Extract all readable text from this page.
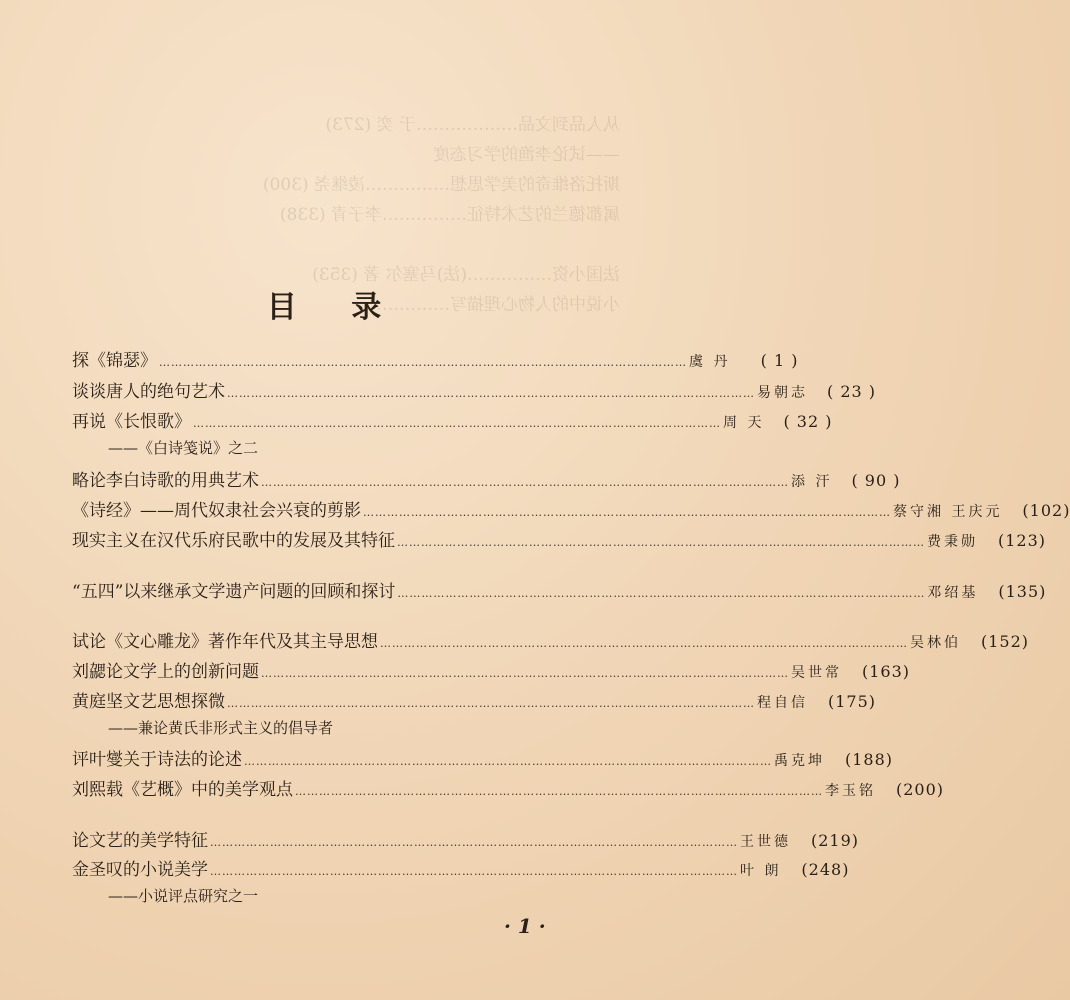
从人品到文品………………于 奕 (273)
——试论李渔的学习态度
斯托洛维奇的美学思想……………凌继尧 (300)
属都德兰的艺术特征……………李子青 (338)

法国小资……………(法)马塞尔 著 (353)
小说中的人物心理描写……………

目 录
探《锦瑟》 …………………………………………………………………………………………………………………… 虞 丹	( 1 )
谈谈唐人的绝句艺术 …………………………………………………………………………………………………………………… 易朝志	( 23 )
再说《长恨歌》 …………………………………………………………………………………………………………………… 周 天	( 32 )
——《白诗笺说》之二
略论李白诗歌的用典艺术 …………………………………………………………………………………………………………………… 添 汗	( 90 )
《诗经》——周代奴隶社会兴衰的剪影 …………………………………………………………………………………………………………………… 蔡守湘 王庆元	(102)
现实主义在汉代乐府民歌中的发展及其特征 …………………………………………………………………………………………………………………… 费秉勋	(123)
“五四”以来继承文学遗产问题的回顾和探讨 …………………………………………………………………………………………………………………… 邓绍基	(135)
试论《文心雕龙》著作年代及其主导思想 …………………………………………………………………………………………………………………… 吴林伯	(152)
刘勰论文学上的创新问题 …………………………………………………………………………………………………………………… 吴世常	(163)
黄庭坚文艺思想探微 …………………………………………………………………………………………………………………… 程自信	(175)
——兼论黄氏非形式主义的倡导者
评叶燮关于诗法的论述 …………………………………………………………………………………………………………………… 禹克坤	(188)
刘熙载《艺概》中的美学观点 …………………………………………………………………………………………………………………… 李玉铭	(200)
论文艺的美学特征 …………………………………………………………………………………………………………………… 王世德	(219)
金圣叹的小说美学 …………………………………………………………………………………………………………………… 叶 朗	(248)
——小说评点研究之一
· 1 ·
